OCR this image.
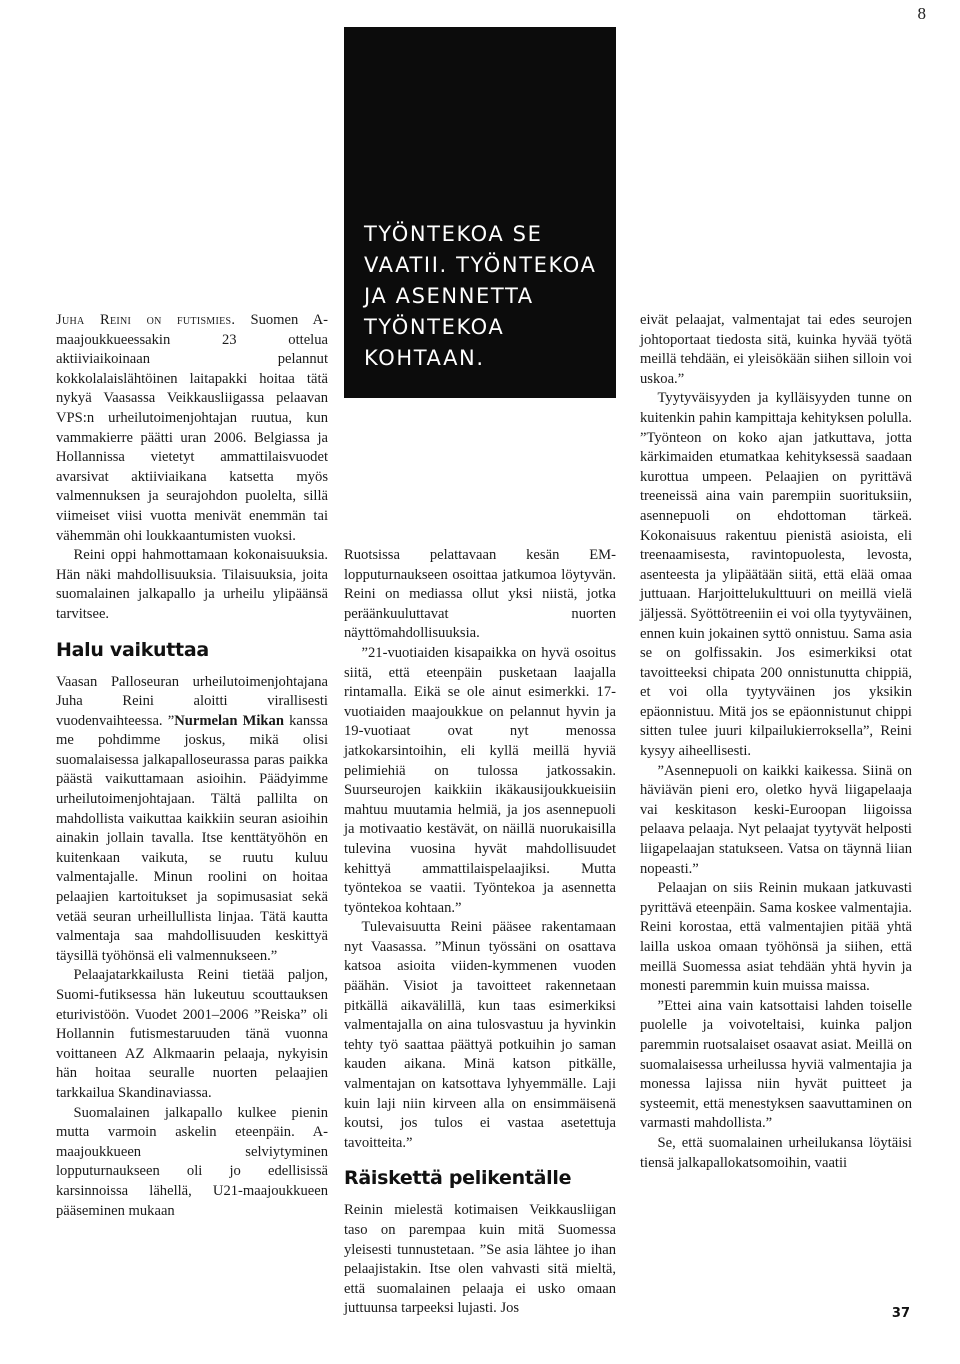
8

TYÖNTEKOA SE VAATII. TYÖNTEKOA JA ASENNETTA TYÖNTEKOA KOHTAAN.

Juha Reini on futismies. Suomen A-maajoukkueessakin 23 ottelua aktiiviaikoinaan pelannut kokkolalaislähtöinen laitapakki hoitaa tätä nykyä Vaasassa Veikkausliigassa pelaavan VPS:n urheilutoimenjohtajan ruutua, kun vammakierre päätti uran 2006. Belgiassa ja Hollannissa vietetyt ammattilaisvuodet avarsivat aktiiviaikana katsetta myös valmennuksen ja seurajohdon puolelta, sillä viimeiset viisi vuotta menivät enemmän tai vähemmän ohi loukkaantumisten vuoksi.

Reini oppi hahmottamaan kokonaisuuksia. Hän näki mahdollisuuksia. Tilaisuuksia, joita suomalainen jalkapallo ja urheilu ylipäänsä tarvitsee.

Halu vaikuttaa

Vaasan Palloseuran urheilutoimenjohtajana Juha Reini aloitti virallisesti vuodenvaihteessa. ”Nurmelan Mikan kanssa me pohdimme joskus, mikä olisi suomalaisessa jalkapalloseurassa paras paikka päästä vaikuttamaan asioihin. Päädyimme urheilutoimenjohtajaan. Tältä pallilta on mahdollista vaikuttaa kaikkiin seuran asioihin ainakin jollain tavalla. Itse kenttätyöhön en kuitenkaan vaikuta, se ruutu kuluu valmentajalle. Minun roolini on hoitaa pelaajien kartoitukset ja sopimusasiat sekä vetää seuran urheillullista linjaa. Tätä kautta valmentaja saa mahdollisuuden keskittyä täysillä työhönsä eli valmennukseen.”

Pelaajatarkkailusta Reini tietää paljon, Suomi-futiksessa hän lukeutuu scouttauksen eturivistöön. Vuodet 2001–2006 ”Reiska” oli Hollannin futismestaruuden tänä vuonna voittaneen AZ Alkmaarin pelaaja, nykyisin hän hoitaa seuralle nuorten pelaajien tarkkailua Skandinaviassa.

Suomalainen jalkapallo kulkee pienin mutta varmoin askelin eteenpäin. A-maajoukkueen selviytyminen lopputurnaukseen oli jo edellisissä karsinnoissa lähellä, U21-maajoukkueen pääseminen mukaan

Ruotsissa pelattavaan kesän EM-lopputurnaukseen osoittaa jatkumoa löytyvän. Reini on mediassa ollut yksi niistä, jotka peräänkuuluttavat nuorten näyttömahdollisuuksia.

”21-vuotiaiden kisapaikka on hyvä osoitus siitä, että eteenpäin pusketaan laajalla rintamalla. Eikä se ole ainut esimerkki. 17-vuotiaiden maajoukkue on pelannut hyvin ja 19-vuotiaat ovat nyt menossa jatkokarsintoihin, eli kyllä meillä hyviä pelimiehiä on tulossa jatkossakin. Suurseurojen kaikkiin ikäkausijoukkueisiin mahtuu muutamia helmiä, ja jos asennepuoli ja motivaatio kestävät, on näillä nuorukaisilla tulevina vuosina hyvät mahdollisuudet kehittyä ammattilaispelaajiksi. Mutta työntekoa se vaatii. Työntekoa ja asennetta työntekoa kohtaan.”

Tulevaisuutta Reini pääsee rakentamaan nyt Vaasassa. ”Minun työssäni on osattava katsoa asioita viiden-kymmenen vuoden päähän. Visiot ja tavoitteet rakennetaan pitkällä aikavälillä, kun taas esimerkiksi valmentajalla on aina tulosvastuu ja hyvinkin tehty työ saattaa päättyä potkuihin jo saman kauden aikana. Minä katson pitkälle, valmentajan on katsottava lyhyemmälle. Laji kuin laji niin kirveen alla on ensimmäisenä koutsi, jos tulos ei vastaa asetettuja tavoitteita.”

Räiskettä pelikentälle

Reinin mielestä kotimaisen Veikkausliigan taso on parempaa kuin mitä Suomessa yleisesti tunnustetaan. ”Se asia lähtee jo ihan pelaajistakin. Itse olen vahvasti sitä mieltä, että suomalainen pelaaja ei usko omaan juttuunsa tarpeeksi lujasti. Jos

eivät pelaajat, valmentajat tai edes seurojen johtoportaat tiedosta sitä, kuinka hyvää työtä meillä tehdään, ei yleisökään siihen silloin voi uskoa.”

Tyytyväisyyden ja kylläisyyden tunne on kuitenkin pahin kampittaja kehityksen polulla. ”Työnteon on koko ajan jatkuttava, jotta kärkimaiden etumatkaa kehityksessä saadaan kurottua umpeen. Pelaajien on pyrittävä treeneissä aina vain parempiin suorituksiin, asennepuoli on ehdottoman tärkeä. Kokonaisuus rakentuu pienistä asioista, eli treenaamisesta, ravintopuolesta, levosta, asenteesta ja ylipäätään siitä, että elää omaa juttuaan. Harjoittelukulttuuri on meillä vielä jäljessä. Syöttötreeniin ei voi olla tyytyväinen, ennen kuin jokainen syttö onnistuu. Sama asia se on golfissakin. Jos esimerkiksi otat tavoitteeksi chipata 200 onnistunutta chippiä, et voi olla tyytyväinen jos yksikin epäonnistuu. Mitä jos se epäonnistunut chippi sitten tulee juuri kilpailukierroksella”, Reini kysyy aiheellisesti.

”Asennepuoli on kaikki kaikessa. Siinä on häviävän pieni ero, oletko hyvä liigapelaaja vai keskitason keski-Euroopan liigoissa pelaava pelaaja. Nyt pelaajat tyytyvät helposti liigapelaajan statukseen. Vatsa on täynnä liian nopeasti.”

Pelaajan on siis Reinin mukaan jatkuvasti pyrittävä eteenpäin. Sama koskee valmentajia. Reini korostaa, että valmentajien pitää yhtä lailla uskoa omaan työhönsä ja siihen, että meillä Suomessa asiat tehdään yhtä hyvin ja monesti paremmin kuin muissa maissa.

”Ettei aina vain katsottaisi lahden toiselle puolelle ja voivoteltaisi, kuinka paljon paremmin ruotsalaiset osaavat asiat. Meillä on suomalaisessa urheilussa hyviä valmentajia ja monessa lajissa niin hyvät puitteet ja systeemit, että menestyksen saavuttaminen on varmasti mahdollista.”

Se, että suomalainen urheilukansa löytäisi tiensä jalkapallokatsomoihin, vaatii

37
